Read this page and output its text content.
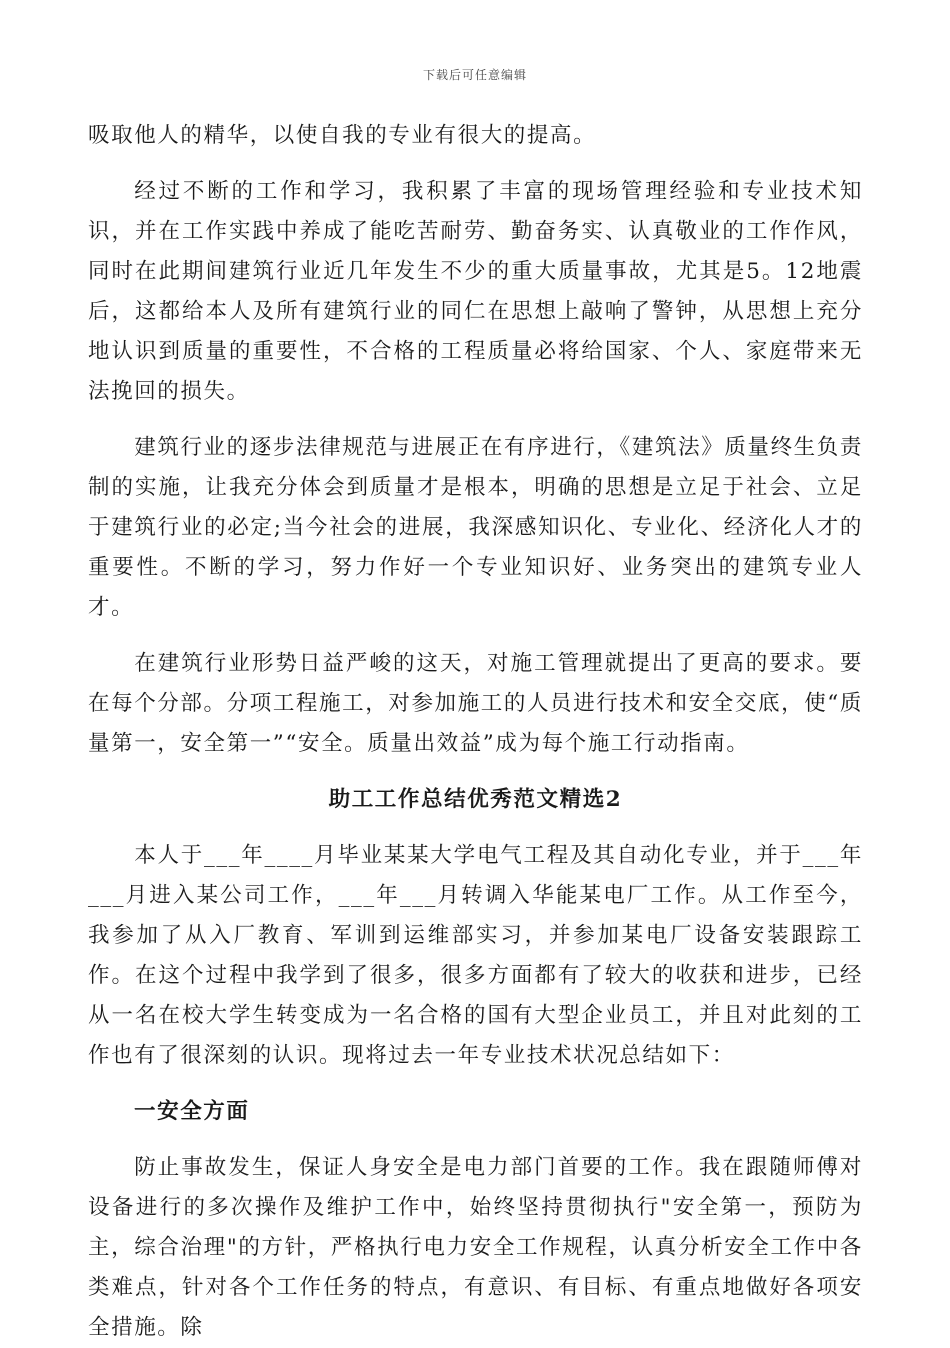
下载后可任意编辑

吸取他人的精华，以使自我的专业有很大的提高。

经过不断的工作和学习，我积累了丰富的现场管理经验和专业技术知识，并在工作实践中养成了能吃苦耐劳、勤奋务实、认真敬业的工作作风，同时在此期间建筑行业近几年发生不少的重大质量事故，尤其是5。12地震后，这都给本人及所有建筑行业的同仁在思想上敲响了警钟，从思想上充分地认识到质量的重要性，不合格的工程质量必将给国家、个人、家庭带来无法挽回的损失。

建筑行业的逐步法律规范与进展正在有序进行，《建筑法》质量终生负责制的实施，让我充分体会到质量才是根本，明确的思想是立足于社会、立足于建筑行业的必定;当今社会的进展，我深感知识化、专业化、经济化人才的重要性。不断的学习，努力作好一个专业知识好、业务突出的建筑专业人才。

在建筑行业形势日益严峻的这天，对施工管理就提出了更高的要求。要在每个分部。分项工程施工，对参加施工的人员进行技术和安全交底，使“质量第一，安全第一”“安全。质量出效益”成为每个施工行动指南。

助工工作总结优秀范文精选2

本人于___年____月毕业某某大学电气工程及其自动化专业，并于___年___月进入某公司工作，___年___月转调入华能某电厂工作。从工作至今，我参加了从入厂教育、军训到运维部实习，并参加某电厂设备安装跟踪工作。在这个过程中我学到了很多，很多方面都有了较大的收获和进步，已经从一名在校大学生转变成为一名合格的国有大型企业员工，并且对此刻的工作也有了很深刻的认识。现将过去一年专业技术状况总结如下：

一安全方面

防止事故发生，保证人身安全是电力部门首要的工作。我在跟随师傅对设备进行的多次操作及维护工作中，始终坚持贯彻执行"安全第一，预防为主，综合治理"的方针，严格执行电力安全工作规程，认真分析安全工作中各类难点，针对各个工作任务的特点，有意识、有目标、有重点地做好各项安全措施。除
